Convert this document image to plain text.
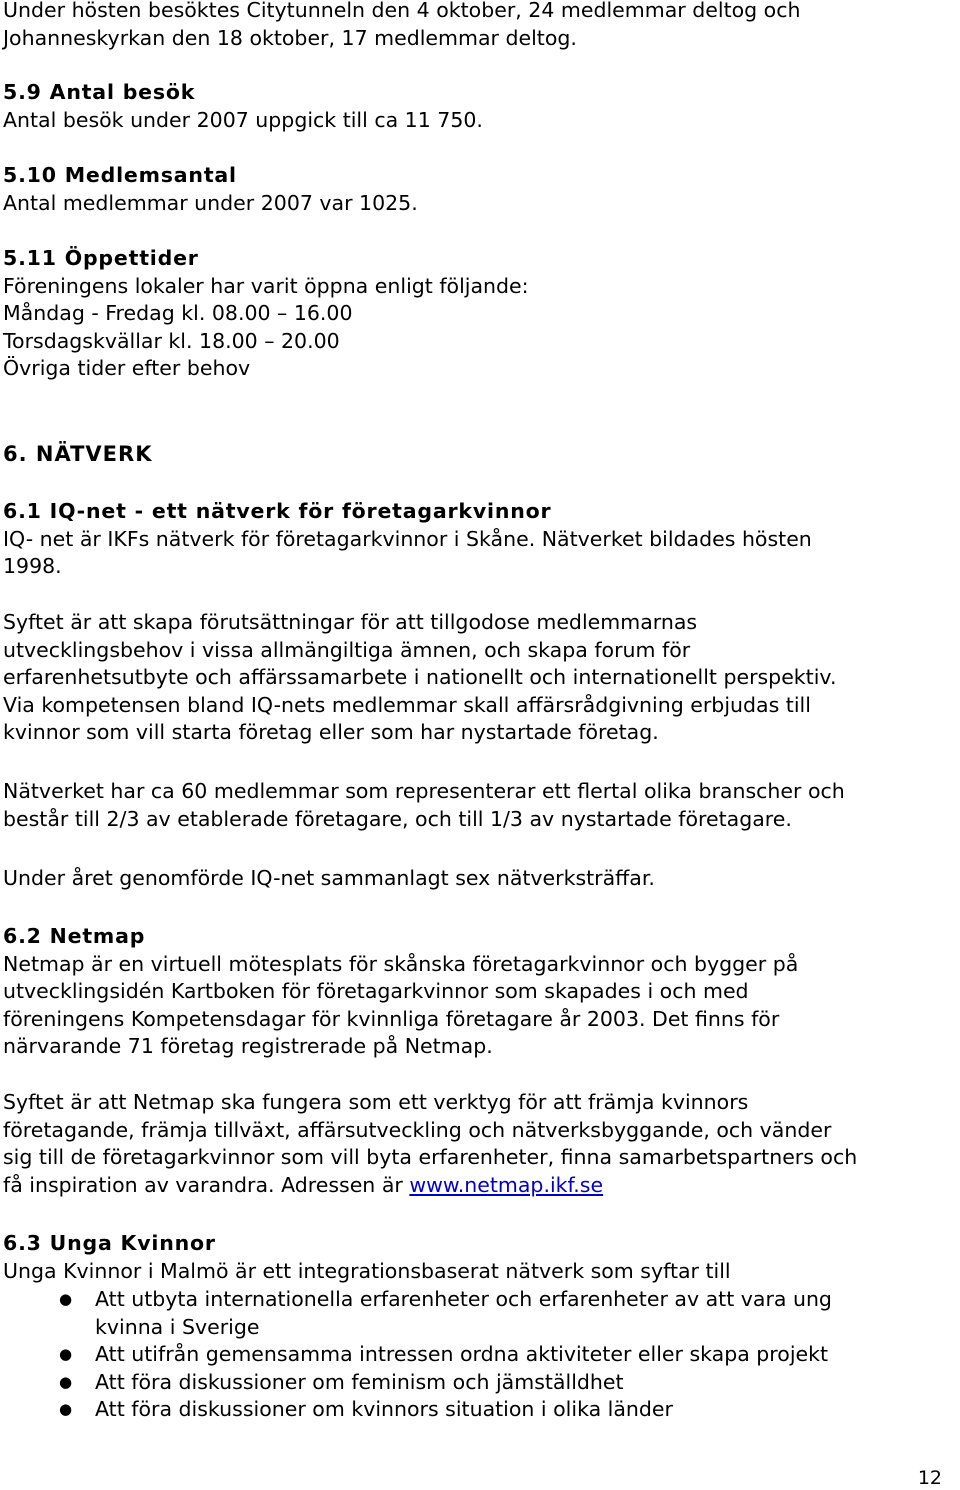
Under hösten besöktes Citytunneln den 4 oktober, 24 medlemmar deltog och
Johanneskyrkan den 18 oktober, 17 medlemmar deltog.
5.9 Antal besök
Antal besök under 2007 uppgick till ca 11 750.
5.10 Medlemsantal
Antal medlemmar under 2007 var 1025.
5.11 Öppettider
Föreningens lokaler har varit öppna enligt följande:
Måndag - Fredag kl. 08.00 – 16.00
Torsdagskvällar kl. 18.00 – 20.00
Övriga tider efter behov
6. NÄTVERK
6.1 IQ-net - ett nätverk för företagarkvinnor
IQ- net är IKFs nätverk för företagarkvinnor i Skåne. Nätverket bildades hösten
1998.
Syftet är att skapa förutsättningar för att tillgodose medlemmarnas
utvecklingsbehov i vissa allmängiltiga ämnen, och skapa forum för
erfarenhetsutbyte och affärssamarbete i nationellt och internationellt perspektiv.
Via kompetensen bland IQ-nets medlemmar skall affärsrådgivning erbjudas till
kvinnor som vill starta företag eller som har nystartade företag.
Nätverket har ca 60 medlemmar som representerar ett flertal olika branscher och
består till 2/3 av etablerade företagare, och till 1/3 av nystartade företagare.
Under året genomförde IQ-net sammanlagt sex nätverksträffar.
6.2 Netmap
Netmap är en virtuell mötesplats för skånska företagarkvinnor och bygger på
utvecklingsidén Kartboken för företagarkvinnor som skapades i och med
föreningens Kompetensdagar för kvinnliga företagare år 2003. Det finns för
närvarande 71 företag registrerade på Netmap.
Syftet är att Netmap ska fungera som ett verktyg för att främja kvinnors
företagande, främja tillväxt, affärsutveckling och nätverksbyggande, och vänder
sig till de företagarkvinnor som vill byta erfarenheter, finna samarbetspartners och
få inspiration av varandra. Adressen är www.netmap.ikf.se
6.3 Unga Kvinnor
Unga Kvinnor i Malmö är ett integrationsbaserat nätverk som syftar till
● Att utbyta internationella erfarenheter och erfarenheter av att vara ung
kvinna i Sverige
● Att utifrån gemensamma intressen ordna aktiviteter eller skapa projekt
● Att föra diskussioner om feminism och jämställdhet
● Att föra diskussioner om kvinnors situation i olika länder
12
